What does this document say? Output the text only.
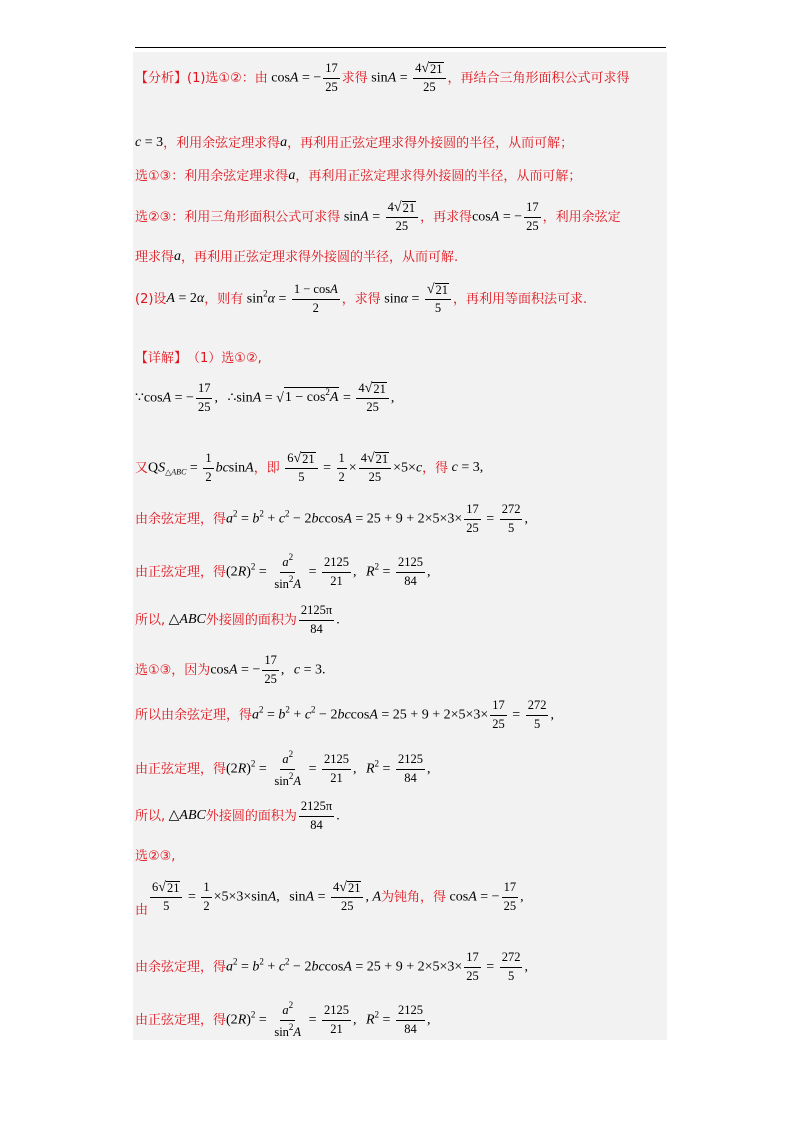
【分析】 (1)选①②：由 cosA = − $\frac{17}{25}$ 求得 $\sin A = \frac{4 √ 21}{25}$ ，再结合三角形面积公式可求得
c = 3 ，利用余弦定理求得 a ，再利用正弦定理求得外接圆的半径，从而可解；
选①③：利用余弦定理求得 a ，再利用正弦定理求得外接圆的半径，从而可解；
选②③：利用三角形面积公式可求得 $\sin A = \frac{4 √ 21}{25}$ ，再求得 cosA = − $\frac{17}{25}$ ，利用余弦定
理求得 a ，再利用正弦定理求得外接圆的半径，从而可解.
(2)设 A = 2α ，则有 $\sin^2\alpha = \frac{1 - \cos A}{2}$ ，求得 $\sin\alpha = \frac{√ 21}{5}$ ，再利用等面积法可求.
【详解】 （1）选①②,
∵cosA = − $\frac{17}{25}$ , ∴sinA = √ $1 - \cos^2A = \frac{4 √ 21}{25}$ ,
又 $QS_{\triangle ABC} = \frac{1}{2}$ bcsinA ，即
$\frac{6 √ 21}{5} = \frac{1}{2} \times \frac{4 √ 21}{25} \times 5\times c$ ，得 c = 3,
由余弦定理，得 $a^2 = b^2 + c^2 - 2bccosA = 25 + 9 + 2\times 5\times 3\times \frac{17}{25} = \frac{272}{5}$ ,
由正弦定理，得 $(2R)^2 = \frac{a^2}{\sin^2A} = \frac{2125}{21}$ , $R^2 = \frac{2125}{84}$ ,
所以, △ABC 外接圆的面积为 $\frac{2125\pi}{84}$ .
选①③，因为 cosA = − $\frac{17}{25}$ , c = 3.
所以由余弦定理，得 $a^2 = b^2 + c^2 - 2bccosA = 25 + 9 + 2\times 5\times 3\times \frac{17}{25} = \frac{272}{5}$ ,
由正弦定理，得 $(2R)^2 = \frac{a^2}{\sin^2A} = \frac{2125}{21}$ , $R^2 = \frac{2125}{84}$ ,
所以, △ABC 外接圆的面积为 $\frac{2125\pi}{84}$ .
选②③,
由 $\frac{6 √ 21}{5} = \frac{1}{2} \times 5\times 3\times\sin A$, $\sin A = \frac{4 √ 21}{25}$ , A 为钝角，得 cosA = − $\frac{17}{25}$ ,
由余弦定理，得 $a^2 = b^2 + c^2 - 2bccosA = 25 + 9 + 2\times 5\times 3\times \frac{17}{25} = \frac{272}{5}$ ,
由正弦定理，得 $(2R)^2 = \frac{a^2}{\sin^2A} = \frac{2125}{21}$ , $R^2 = \frac{2125}{84}$ ,
